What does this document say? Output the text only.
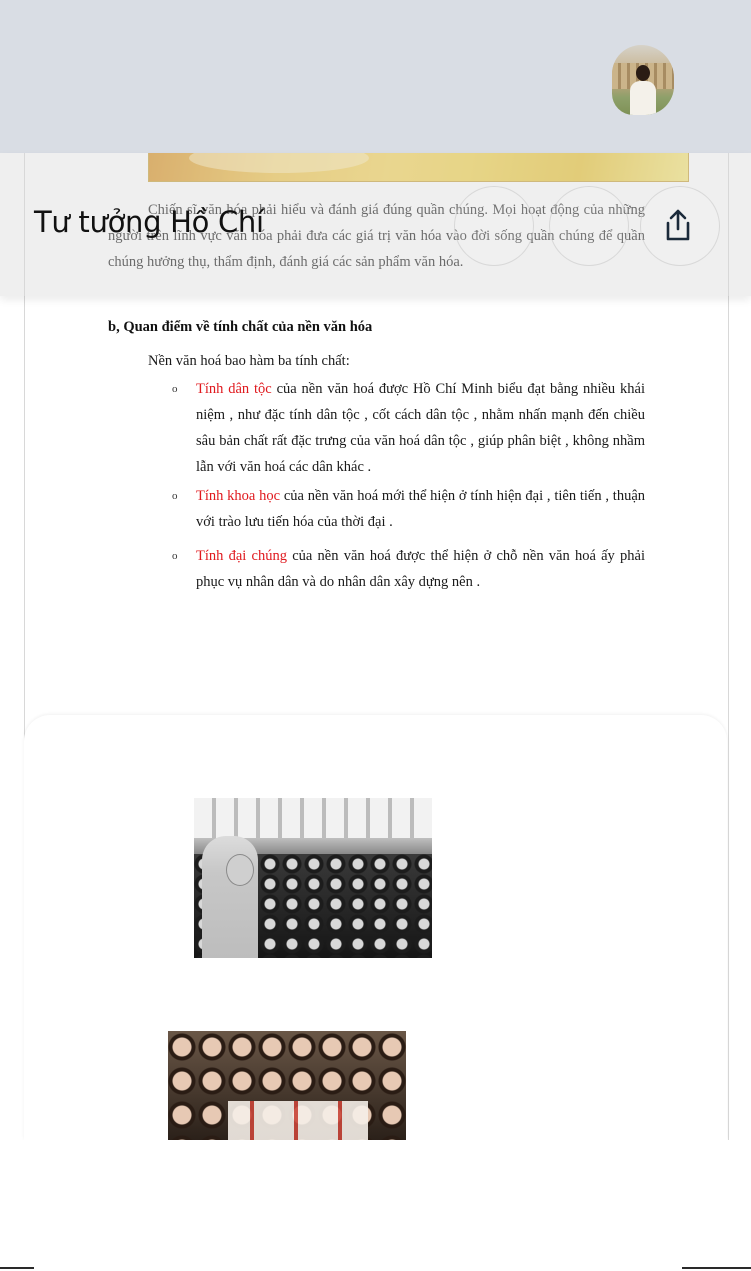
Chiến sĩ văn hóa phải hiểu và đánh giá đúng quần chúng. Mọi hoạt động của những người trên lĩnh vực văn hóa phải đưa các giá trị văn hóa vào đời sống quần chúng để quần chúng hưởng thụ, thẩm định, đánh giá các sản phẩm văn hóa.
b, Quan điểm về tính chất của nền văn hóa
Nền văn hoá bao hàm ba tính chất:
o Tính dân tộc của nền văn hoá được Hồ Chí Minh biểu đạt bằng nhiều khái niệm , như đặc tính dân tộc , cốt cách dân tộc , nhằm nhấn mạnh đến chiều sâu bản chất rất đặc trưng của văn hoá dân tộc , giúp phân biệt , không nhầm lẫn với văn hoá các dân khác .
o Tính khoa học của nền văn hoá mới thể hiện ở tính hiện đại , tiên tiến , thuận với trào lưu tiến hóa của thời đại .
o Tính đại chúng của nền văn hoá được thể hiện ở chỗ nền văn hoá ấy phải phục vụ nhân dân và do nhân dân xây dựng nên .
Tư tưởng Hồ Chí
